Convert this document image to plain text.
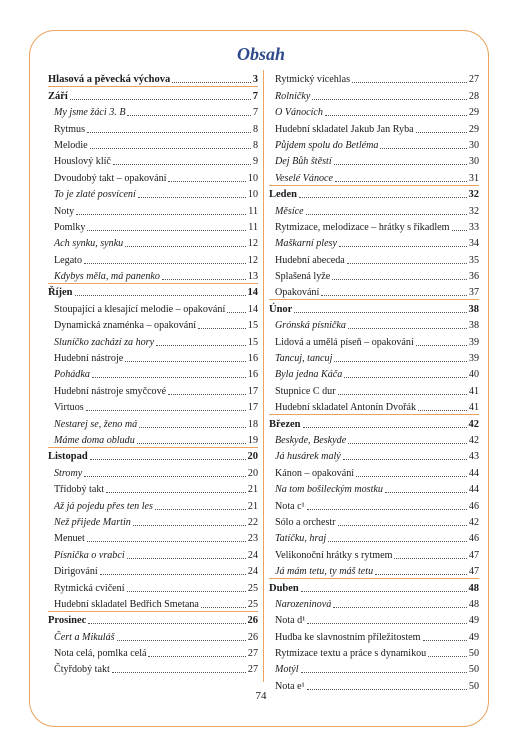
Obsah
Hlasová a pěvecká výchova	3
Září	7
My jsme žáci 3. B	7
Rytmus	8
Melodie	8
Houslový klíč	9
Dvoudobý takt – opakování	10
To je zlaté posvícení	10
Noty	11
Pomlky	11
Ach synku, synku	12
Legato	12
Kdybys měla, má panenko	13
Říjen	14
Stoupající a klesající melodie – opakování 14
Dynamická znaménka – opakování	15
Sluníčko zachází za hory	15
Hudební nástroje	16
Pohádka	16
Hudební nástroje smyčcové	17
Virtuos	17
Nestarej se, ženo má	18
Máme doma obludu	19
Listopad	20
Stromy	20
Třídobý takt	21
Až já pojedu přes ten les	21
Než přijede Martin	22
Menuet	23
Písnička o vrabci	24
Dirigování	24
Rytmická cvičení	25
Hudební skladatel Bedřich Smetana	25
Prosinec	26
Čert a Mikuláš	26
Nota celá, pomlka celá	27
Čtyřdobý takt	27
Rytmický vícehlas	27
Rolničky	28
O Vánocích	29
Hudební skladatel Jakub Jan Ryba	29
Půjdem spolu do Betléma	30
Dej Bůh štěstí	30
Veselé Vánoce	31
Leden	32
Měsíce	32
Rytmizace, melodizace – hrátky s říkadlem 33
Maškarní plesy	34
Hudební abeceda	35
Splašená lyže	36
Opakování	37
Únor	38
Grónská písnička	38
Lidová a umělá píseň – opakování	39
Tancuj, tancuj	39
Byla jedna Káča	40
Stupnice C dur	41
Hudební skladatel Antonín Dvořák	41
Březen	42
Beskyde, Beskyde	42
Já husárek malý	43
Kánon – opakování	44
Na tom bošileckým mostku	44
Nota c¹	46
Sólo a orchestr	42
Tatíčku, hraj	46
Velikonoční hrátky s rytmem	47
Já mám tetu, ty máš tetu	47
Duben	48
Narozeninová	48
Nota d¹	49
Hudba ke slavnostním příležitostem	49
Rytmizace textu a práce s dynamikou	50
Motýl	50
Nota e¹	50
74
